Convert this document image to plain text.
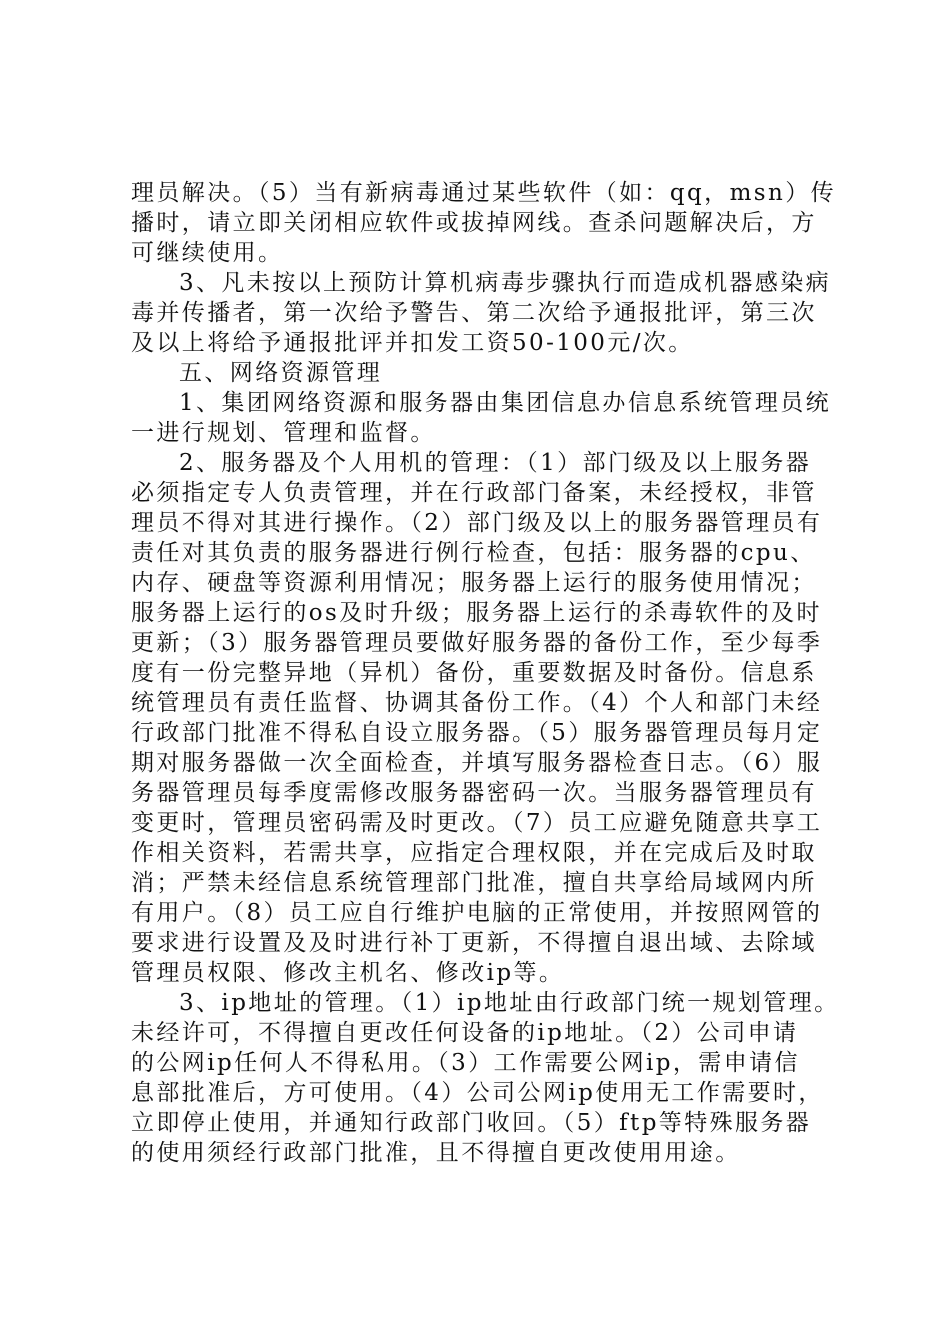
理员解决。（5）当有新病毒通过某些软件（如：qq，msn）传
播时，请立即关闭相应软件或拔掉网线。查杀问题解决后，方
可继续使用。
3、凡未按以上预防计算机病毒步骤执行而造成机器感染病
毒并传播者，第一次给予警告、第二次给予通报批评，第三次
及以上将给予通报批评并扣发工资50-100元/次。
五、网络资源管理
1、集团网络资源和服务器由集团信息办信息系统管理员统
一进行规划、管理和监督。
2、服务器及个人用机的管理：（1）部门级及以上服务器
必须指定专人负责管理，并在行政部门备案，未经授权，非管
理员不得对其进行操作。（2）部门级及以上的服务器管理员有
责任对其负责的服务器进行例行检查，包括：服务器的cpu、
内存、硬盘等资源利用情况；服务器上运行的服务使用情况；
服务器上运行的os及时升级；服务器上运行的杀毒软件的及时
更新；（3）服务器管理员要做好服务器的备份工作，至少每季
度有一份完整异地（异机）备份，重要数据及时备份。信息系
统管理员有责任监督、协调其备份工作。（4）个人和部门未经
行政部门批准不得私自设立服务器。（5）服务器管理员每月定
期对服务器做一次全面检查，并填写服务器检查日志。（6）服
务器管理员每季度需修改服务器密码一次。当服务器管理员有
变更时，管理员密码需及时更改。（7）员工应避免随意共享工
作相关资料，若需共享，应指定合理权限，并在完成后及时取
消；严禁未经信息系统管理部门批准，擅自共享给局域网内所
有用户。（8）员工应自行维护电脑的正常使用，并按照网管的
要求进行设置及及时进行补丁更新，不得擅自退出域、去除域
管理员权限、修改主机名、修改ip等。
3、ip地址的管理。（1）ip地址由行政部门统一规划管理。
未经许可，不得擅自更改任何设备的ip地址。（2）公司申请
的公网ip任何人不得私用。（3）工作需要公网ip，需申请信
息部批准后，方可使用。（4）公司公网ip使用无工作需要时，
立即停止使用，并通知行政部门收回。（5）ftp等特殊服务器
的使用须经行政部门批准，且不得擅自更改使用用途。
